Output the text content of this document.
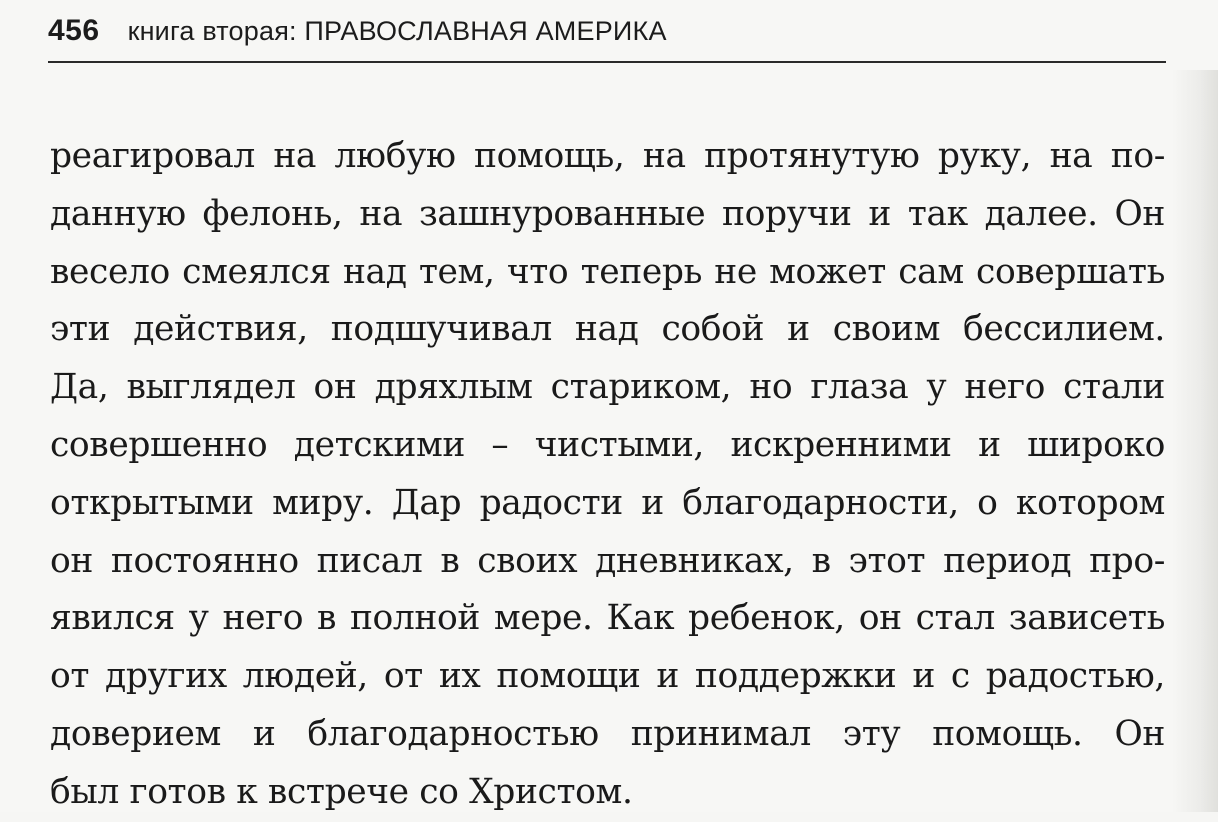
456 книга вторая: ПРАВОСЛАВНАЯ АМЕРИКА
реагировал на любую помощь, на протянутую руку, на по-
данную фелонь, на зашнурованные поручи и так далее. Он
весело смеялся над тем, что теперь не может сам совершать
эти действия, подшучивал над собой и своим бессилием.
Да, выглядел он дряхлым стариком, но глаза у него стали
совершенно детскими – чистыми, искренними и широко
открытыми миру. Дар радости и благодарности, о котором
он постоянно писал в своих дневниках, в этот период про-
явился у него в полной мере. Как ребенок, он стал зависеть
от других людей, от их помощи и поддержки и с радостью,
доверием и благодарностью принимал эту помощь. Он
был готов к встрече со Христом.
